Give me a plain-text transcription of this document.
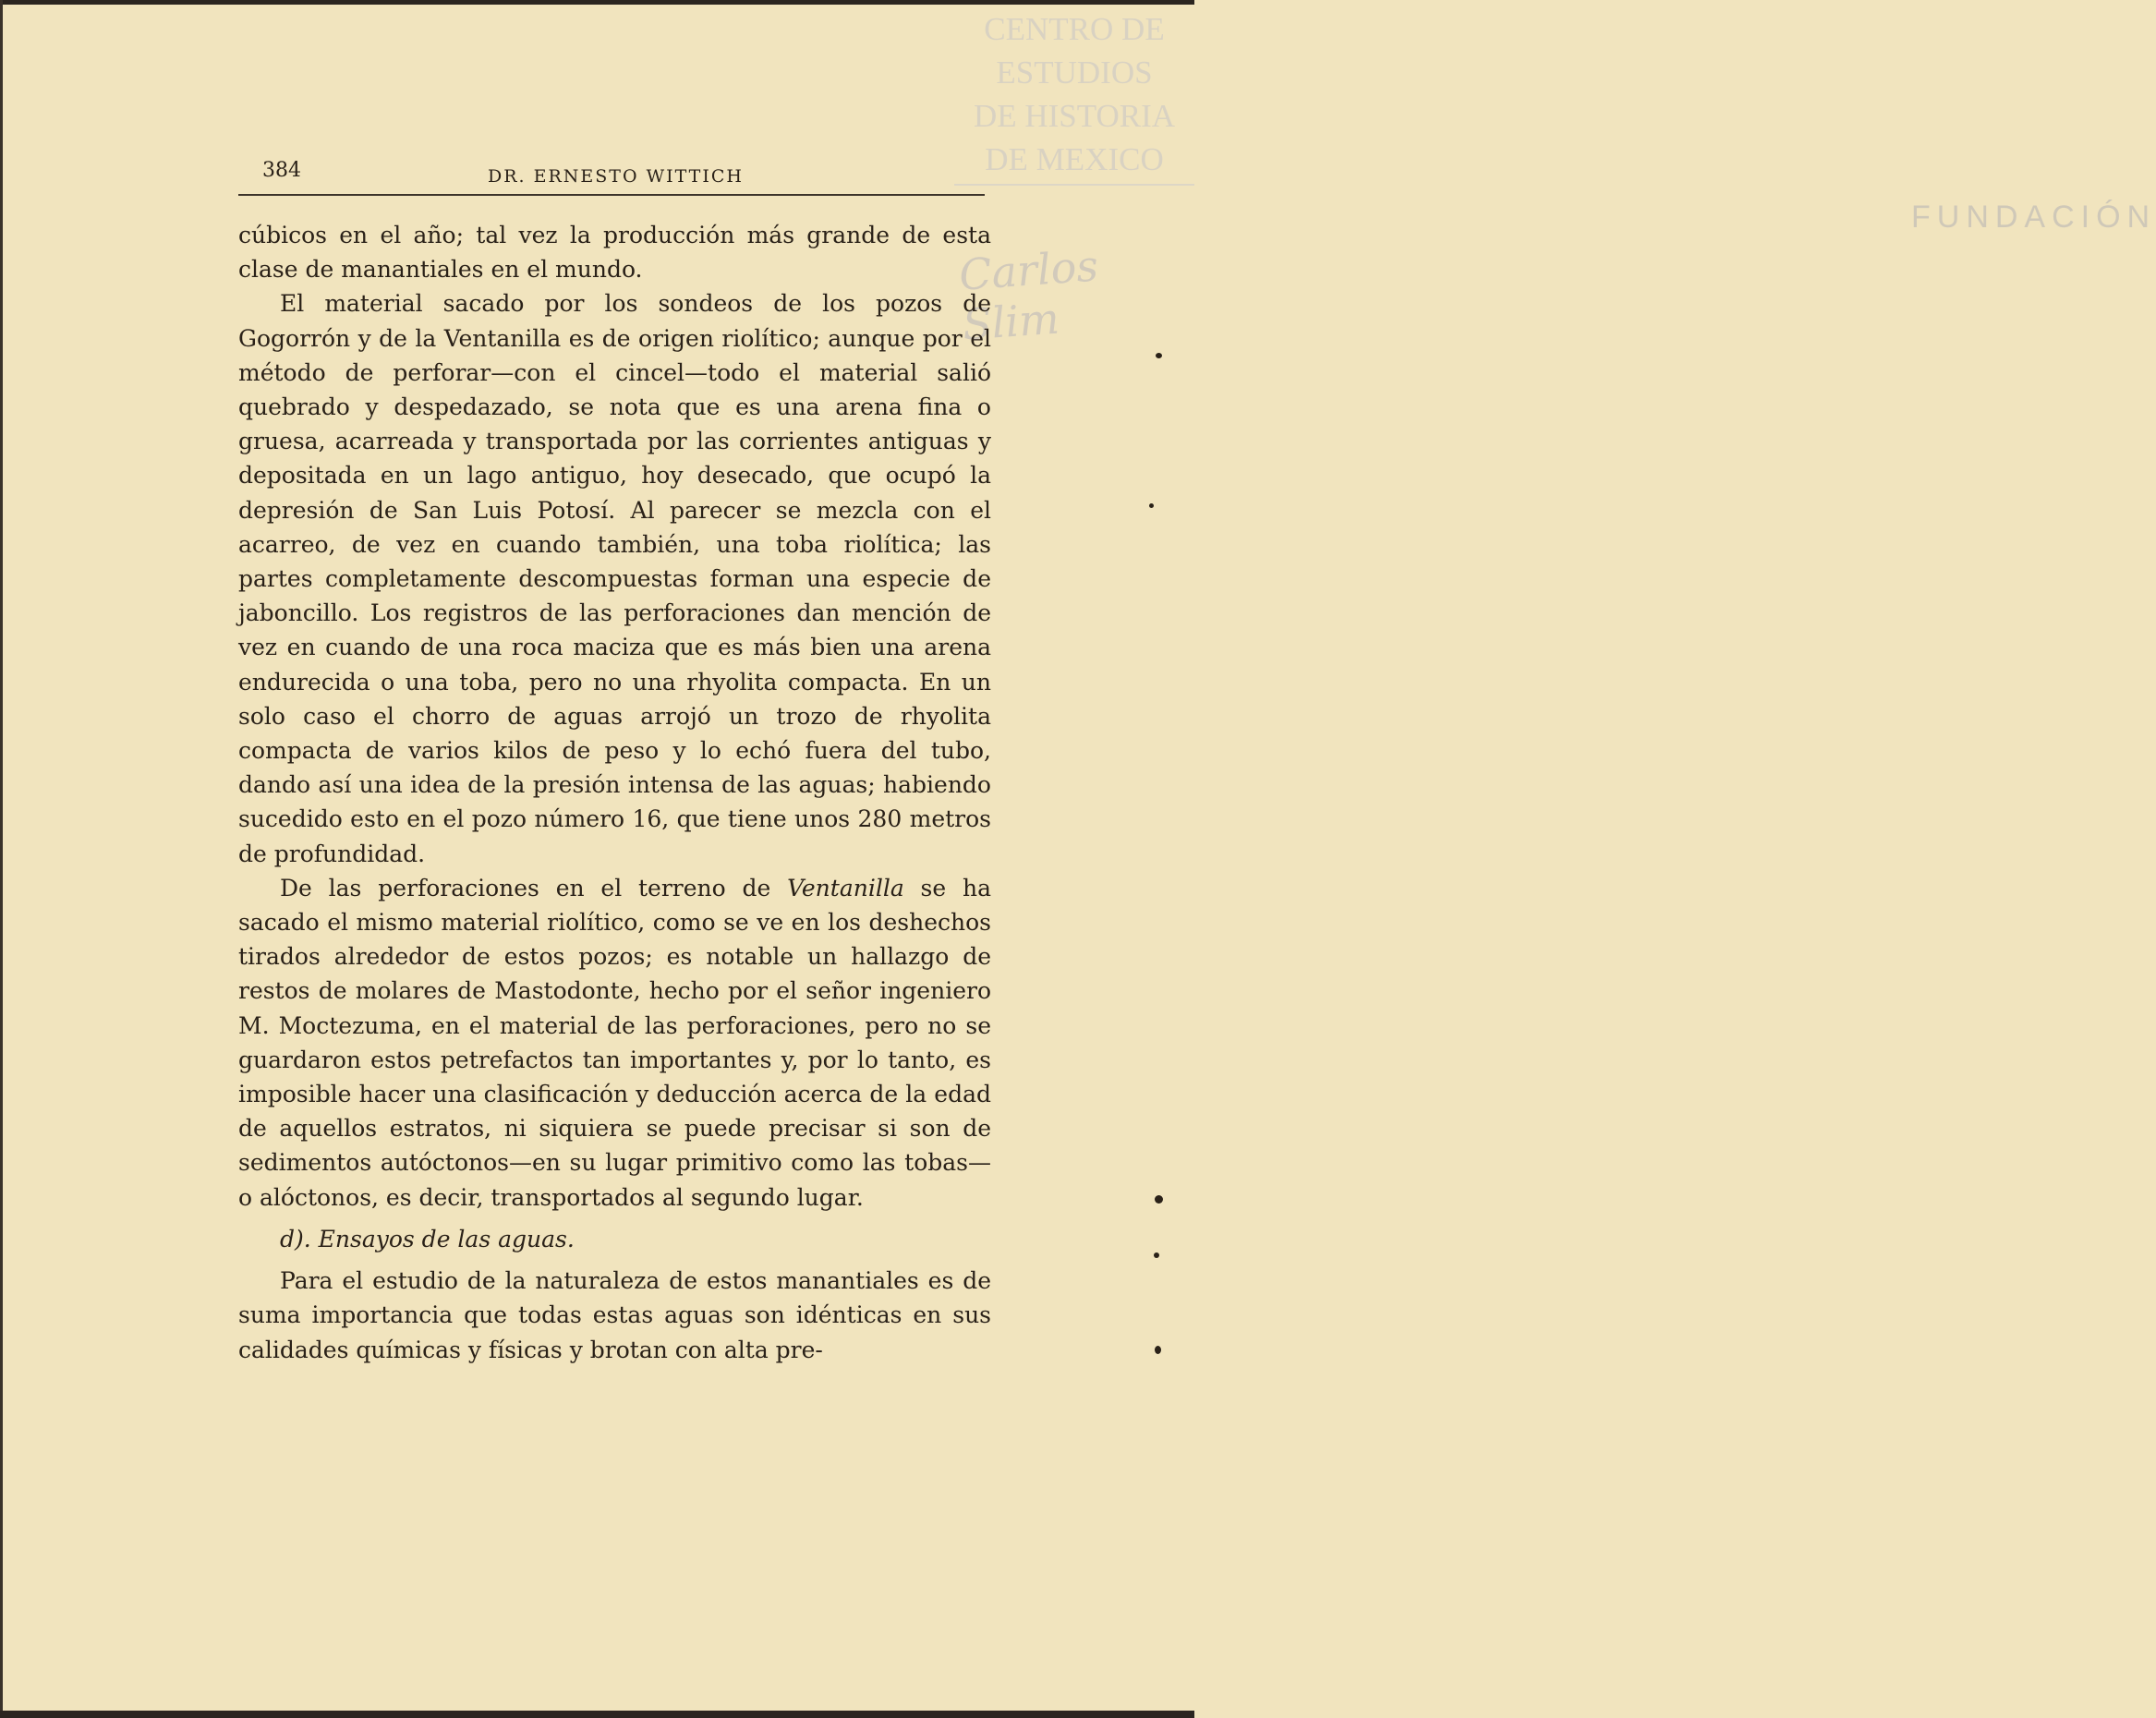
CENTRO DE
ESTUDIOS
DE HISTORIA
DE MEXICO
FUNDACIÓN
Carlos Slim
384	DR. ERNESTO WITTICH

cúbicos en el año; tal vez la producción más grande de esta clase de manantiales en el mundo.

El material sacado por los sondeos de los pozos de Gogorrón y de la Ventanilla es de origen riolítico; aunque por el método de perforar—con el cincel—todo el material salió quebrado y despedazado, se nota que es una arena fina o gruesa, acarreada y transportada por las corrientes antiguas y depositada en un lago antiguo, hoy desecado, que ocupó la depresión de San Luis Potosí. Al parecer se mezcla con el acarreo, de vez en cuando también, una toba riolítica; las partes completamente descompuestas forman una especie de jaboncillo. Los registros de las perforaciones dan mención de vez en cuando de una roca maciza que es más bien una arena endurecida o una toba, pero no una rhyolita compacta. En un solo caso el chorro de aguas arrojó un trozo de rhyolita compacta de varios kilos de peso y lo echó fuera del tubo, dando así una idea de la presión intensa de las aguas; habiendo sucedido esto en el pozo número 16, que tiene unos 280 metros de profundidad.

De las perforaciones en el terreno de Ventanilla se ha sacado el mismo material riolítico, como se ve en los deshechos tirados alrededor de estos pozos; es notable un hallazgo de restos de molares de Mastodonte, hecho por el señor ingeniero M. Moctezuma, en el material de las perforaciones, pero no se guardaron estos petrefactos tan importantes y, por lo tanto, es imposible hacer una clasificación y deducción acerca de la edad de aquellos estratos, ni siquiera se puede precisar si son de sedimentos autóctonos—en su lugar primitivo como las tobas—o alóctonos, es decir, transportados al segundo lugar.

d). Ensayos de las aguas.

Para el estudio de la naturaleza de estos manantiales es de suma importancia que todas estas aguas son idénticas en sus calidades químicas y físicas y brotan con alta pre-
